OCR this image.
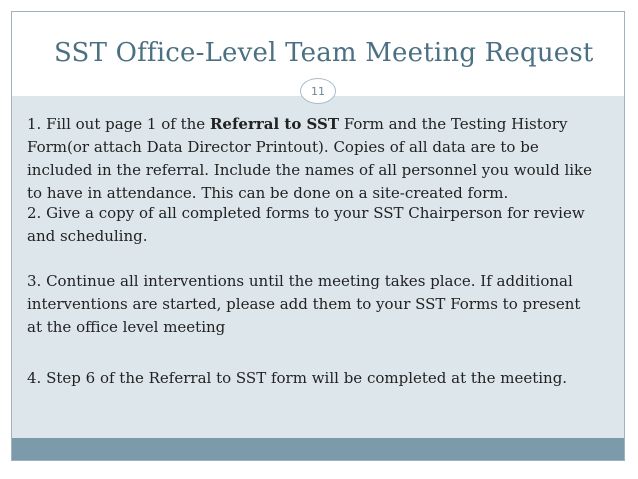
SST Office-Level Team Meeting Request
11
1. Fill out page 1 of the Referral to SST Form and the Testing History Form(or attach Data Director Printout). Copies of all data are to be included in the referral. Include the names of all personnel you would like to have in attendance. This can be done on a site-created form.
2. Give a copy of all completed forms to your SST Chairperson for review and scheduling.
3. Continue all interventions until the meeting takes place. If additional interventions are started, please add them to your SST Forms to present at the office level meeting
4. Step 6 of the Referral to SST form will be completed at the meeting.
